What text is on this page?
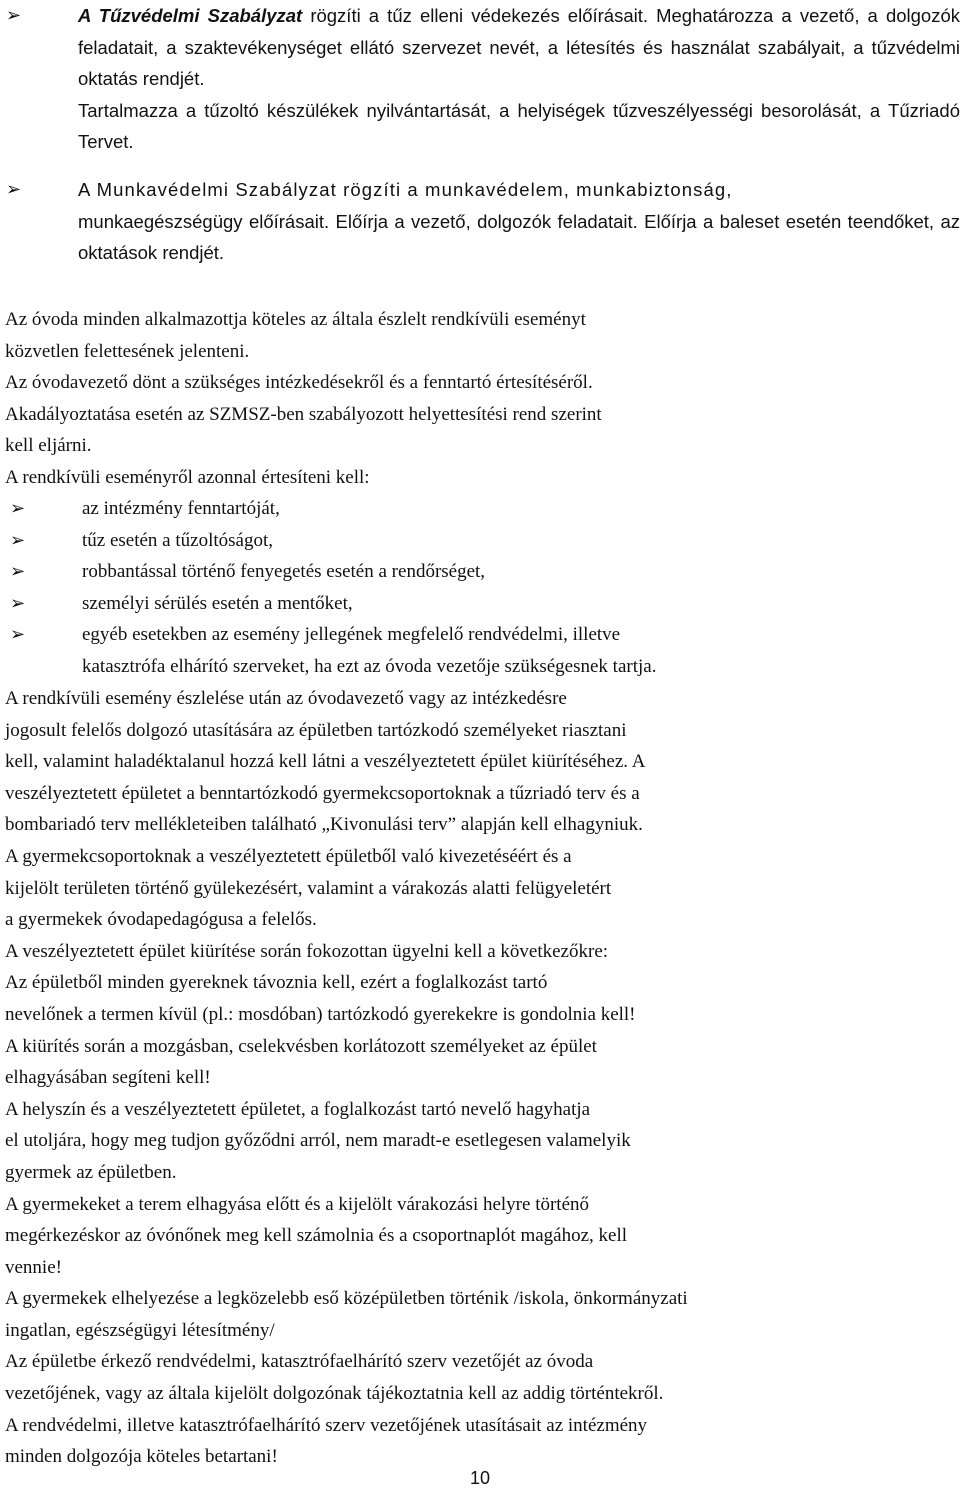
➢	A Tűzvédelmi Szabályzat rögzíti a tűz elleni védekezés előírásait. Meghatározza a vezető, a dolgozók feladatait, a szaktevékenységet ellátó szervezet nevét, a létesítés és használat szabályait, a tűzvédelmi oktatás rendjét.
Tartalmazza a tűzoltó készülékek nyilvántartását, a helyiségek tűzveszélyességi besorolását, a Tűzriadó Tervet.
➢	A Munkavédelmi Szabályzat rögzíti a munkavédelem, munkabiztonság,
munkaegészségügy előírásait. Előírja a vezető, dolgozók feladatait. Előírja a baleset esetén teendőket, az oktatások rendjét.
Az óvoda minden alkalmazottja köteles az általa észlelt rendkívüli eseményt
közvetlen felettesének jelenteni.
Az óvodavezető dönt a szükséges intézkedésekről és a fenntartó értesítéséről.
Akadályoztatása esetén az SZMSZ-ben szabályozott helyettesítési rend szerint
kell eljárni.
A rendkívüli eseményről azonnal értesíteni kell:
➢	az intézmény fenntartóját,
➢	tűz esetén a tűzoltóságot,
➢	robbantással történő fenyegetés esetén a rendőrséget,
➢	személyi sérülés esetén a mentőket,
➢	egyéb esetekben az esemény jellegének megfelelő rendvédelmi, illetve
katasztrófa elhárító szerveket, ha ezt az óvoda vezetője szükségesnek tartja.
A rendkívüli esemény észlelése után az óvodavezető vagy az intézkedésre
jogosult felelős dolgozó utasítására az épületben tartózkodó személyeket riasztani
kell, valamint haladéktalanul hozzá kell látni a veszélyeztetett épület kiürítéséhez. A
veszélyeztetett épületet a benntartózkodó gyermekcsoportoknak a tűzriadó terv és a
bombariadó terv mellékleteiben található „Kivonulási terv” alapján kell elhagyniuk.
A gyermekcsoportoknak a veszélyeztetett épületből való kivezetéséért és a
kijelölt területen történő gyülekezésért, valamint a várakozás alatti felügyeletért
a gyermekek óvodapedagógusa a felelős.
A veszélyeztetett épület kiürítése során fokozottan ügyelni kell a következőkre:
Az épületből minden gyereknek távoznia kell, ezért a foglalkozást tartó
nevelőnek a termen kívül (pl.: mosdóban) tartózkodó gyerekekre is gondolnia kell!
A kiürítés során a mozgásban, cselekvésben korlátozott személyeket az épület
elhagyásában segíteni kell!
A helyszín és a veszélyeztetett épületet, a foglalkozást tartó nevelő hagyhatja
el utoljára, hogy meg tudjon győződni arról, nem maradt-e esetlegesen valamelyik
gyermek az épületben.
A gyermekeket a terem elhagyása előtt és a kijelölt várakozási helyre történő
megérkezéskor az óvónőnek meg kell számolnia és a csoportnaplót magához, kell
vennie!
A gyermekek elhelyezése a legközelebb eső középületben történik /iskola, önkormányzati
ingatlan, egészségügyi létesítmény/
Az épületbe érkező rendvédelmi, katasztrófaelhárító szerv vezetőjét az óvoda
vezetőjének, vagy az általa kijelölt dolgozónak tájékoztatnia kell az addig történtekről.
A rendvédelmi, illetve katasztrófaelhárító szerv vezetőjének utasításait az intézmény
minden dolgozója köteles betartani!
10
